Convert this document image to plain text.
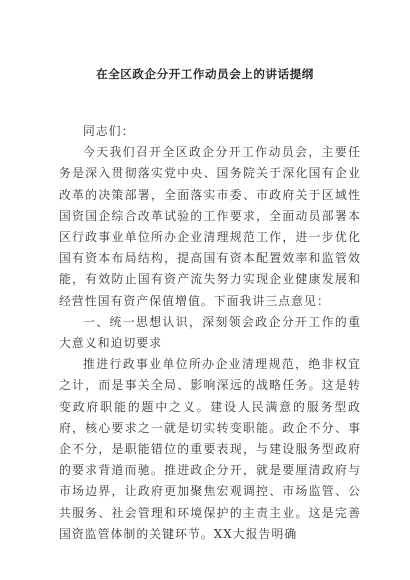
在全区政企分开工作动员会上的讲话提纲

同志们：

今天我们召开全区政企分开工作动员会，主要任务是深入贯彻落实党中央、国务院关于深化国有企业改革的决策部署，全面落实市委、市政府关于区域性国资国企综合改革试验的工作要求，全面动员部署本区行政事业单位所办企业清理规范工作，进一步优化国有资本布局结构，提高国有资本配置效率和监管效能，有效防止国有资产流失努力实现企业健康发展和经营性国有资产保值增值。下面我讲三点意见：

一、统一思想认识，深刻领会政企分开工作的重大意义和迫切要求

推进行政事业单位所办企业清理规范，绝非权宜之计，而是事关全局、影响深远的战略任务。这是转变政府职能的题中之义。建设人民满意的服务型政府，核心要求之一就是切实转变职能。政企不分、事企不分，是职能错位的重要表现，与建设服务型政府的要求背道而驰。推进政企分开，就是要厘清政府与市场边界，让政府更加聚焦宏观调控、市场监管、公共服务、社会管理和环境保护的主责主业。这是完善国资监管体制的关键环节。XX大报告明确
